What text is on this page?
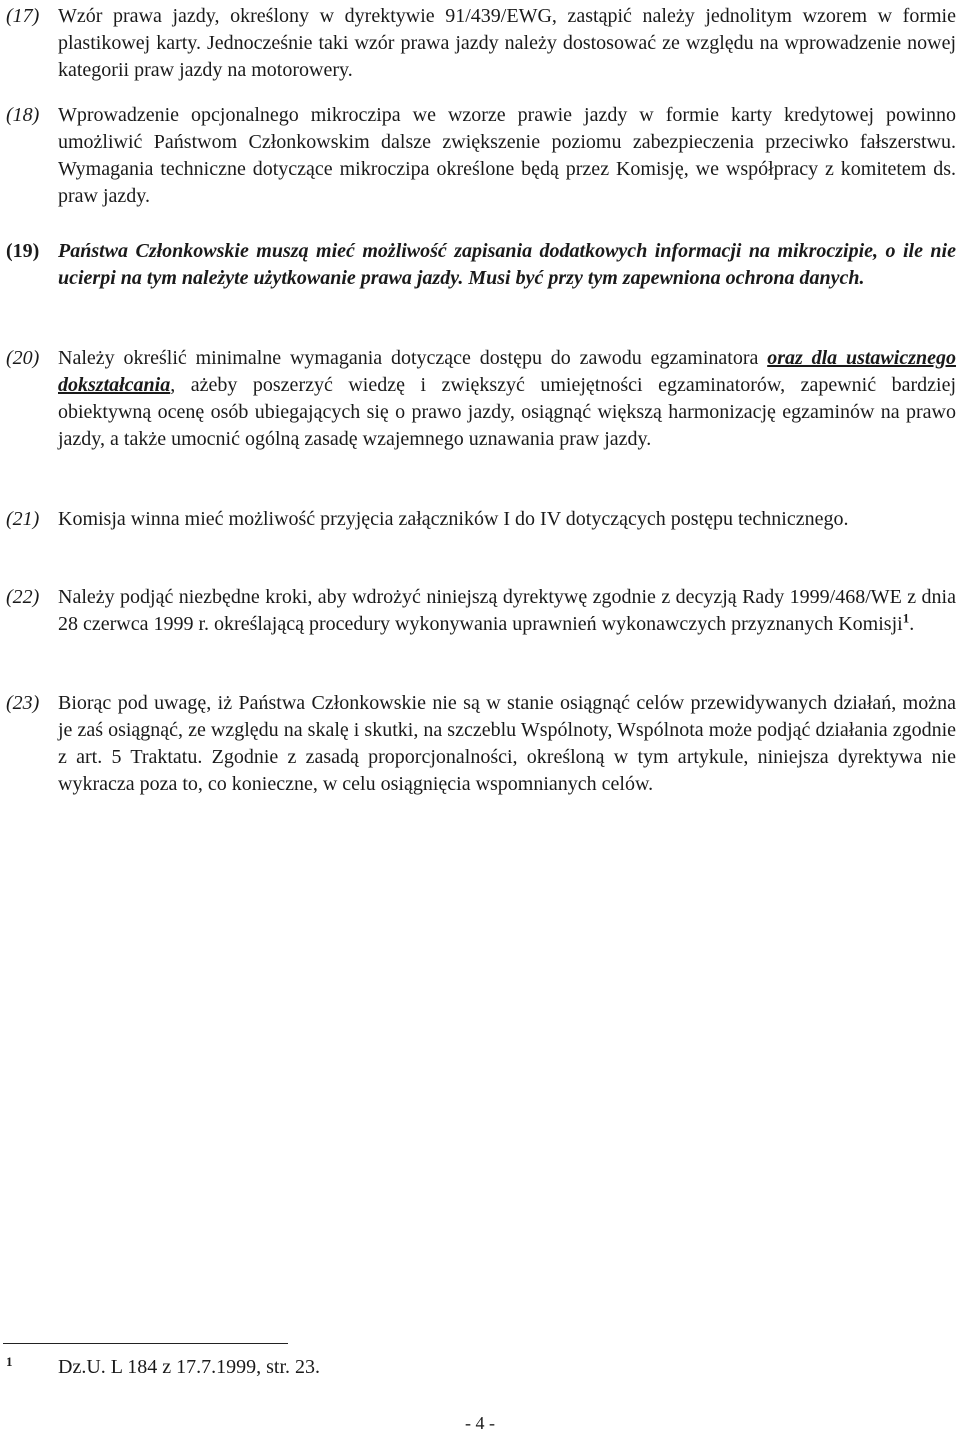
(17) Wzór prawa jazdy, określony w dyrektywie 91/439/EWG, zastąpić należy jednolitym wzorem w formie plastikowej karty. Jednocześnie taki wzór prawa jazdy należy dostosować ze względu na wprowadzenie nowej kategorii praw jazdy na motorowery.
(18) Wprowadzenie opcjonalnego mikroczipa we wzorze prawie jazdy w formie karty kredytowej powinno umożliwić Państwom Członkowskim dalsze zwiększenie poziomu zabezpieczenia przeciwko fałszerstwu. Wymagania techniczne dotyczące mikroczipa określone będą przez Komisję, we współpracy z komitetem ds. praw jazdy.
(19) Państwa Członkowskie muszą mieć możliwość zapisania dodatkowych informacji na mikroczipie, o ile nie ucierpi na tym należyte użytkowanie prawa jazdy. Musi być przy tym zapewniona ochrona danych.
(20) Należy określić minimalne wymagania dotyczące dostępu do zawodu egzaminatora oraz dla ustawicznego dokształcania, ażeby poszerzyć wiedzę i zwiększyć umiejętności egzaminatorów, zapewnić bardziej obiektywną ocenę osób ubiegających się o prawo jazdy, osiągnąć większą harmonizację egzaminów na prawo jazdy, a także umocnić ogólną zasadę wzajemnego uznawania praw jazdy.
(21) Komisja winna mieć możliwość przyjęcia załączników I do IV dotyczących postępu technicznego.
(22) Należy podjąć niezbędne kroki, aby wdrożyć niniejszą dyrektywę zgodnie z decyzją Rady 1999/468/WE z dnia 28 czerwca 1999 r. określającą procedury wykonywania uprawnień wykonawczych przyznanych Komisji$^1$.
(23) Biorąc pod uwagę, iż Państwa Członkowskie nie są w stanie osiągnąć celów przewidywanych działań, można je zaś osiągnąć, ze względu na skalę i skutki, na szczeblu Wspólnoty, Wspólnota może podjąć działania zgodnie z art. 5 Traktatu. Zgodnie z zasadą proporcjonalności, określoną w tym artykule, niniejsza dyrektywa nie wykracza poza to, co konieczne, w celu osiągnięcia wspomnianych celów.
1 Dz.U. L 184 z 17.7.1999, str. 23.
- 4 -
